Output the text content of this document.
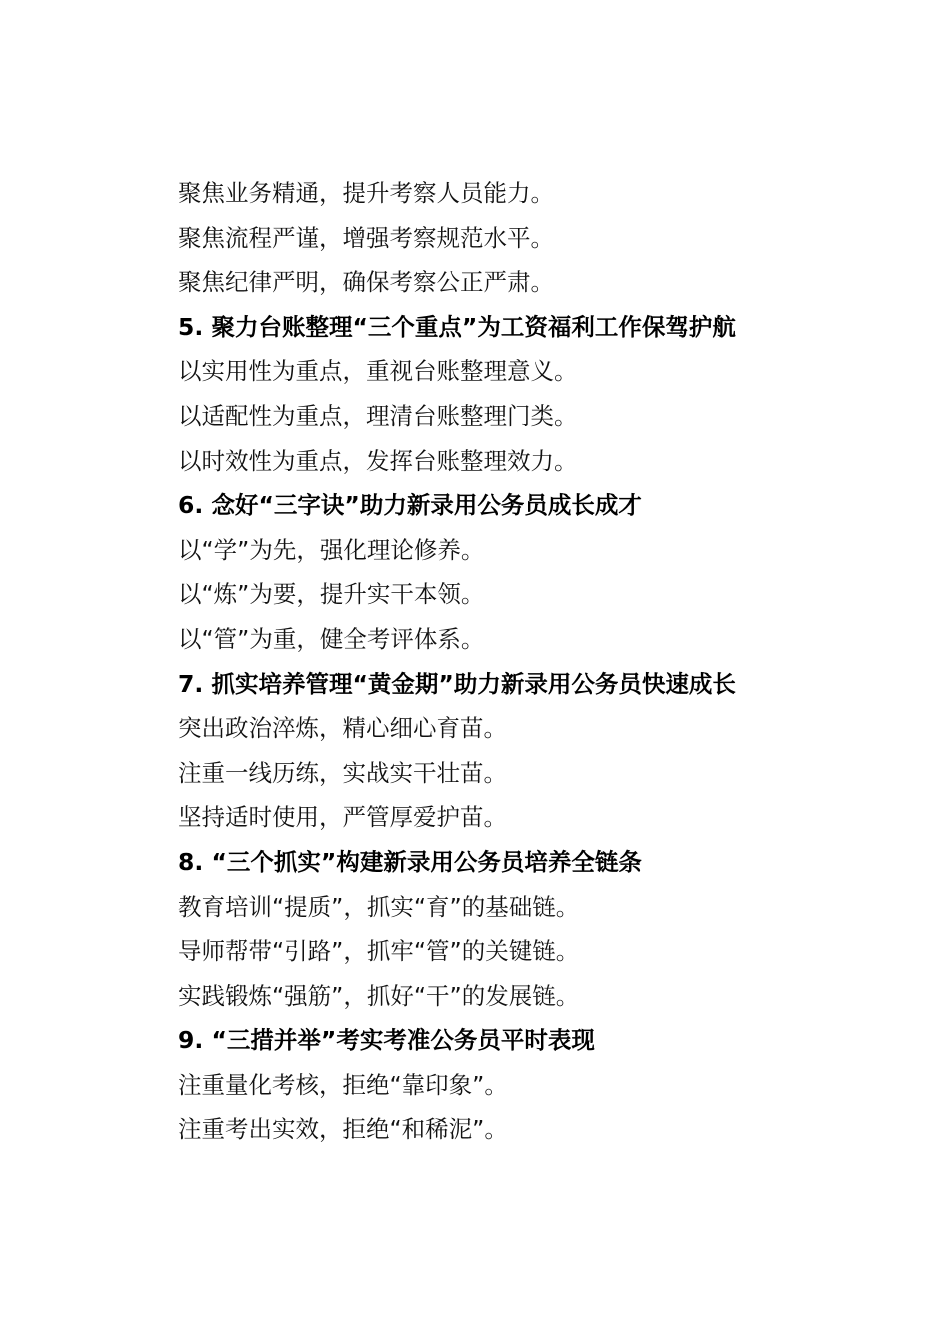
聚焦业务精通，提升考察人员能力。
聚焦流程严谨，增强考察规范水平。
聚焦纪律严明，确保考察公正严肃。
5. 聚力台账整理“三个重点”为工资福利工作保驾护航
以实用性为重点，重视台账整理意义。
以适配性为重点，理清台账整理门类。
以时效性为重点，发挥台账整理效力。
6. 念好“三字诀”助力新录用公务员成长成才
以“学”为先，强化理论修养。
以“炼”为要，提升实干本领。
以“管”为重，健全考评体系。
7. 抓实培养管理“黄金期”助力新录用公务员快速成长
突出政治淬炼，精心细心育苗。
注重一线历练，实战实干壮苗。
坚持适时使用，严管厚爱护苗。
8. “三个抓实”构建新录用公务员培养全链条
教育培训“提质”，抓实“育”的基础链。
导师帮带“引路”，抓牢“管”的关键链。
实践锻炼“强筋”，抓好“干”的发展链。
9. “三措并举”考实考准公务员平时表现
注重量化考核，拒绝“靠印象”。
注重考出实效，拒绝“和稀泥”。
